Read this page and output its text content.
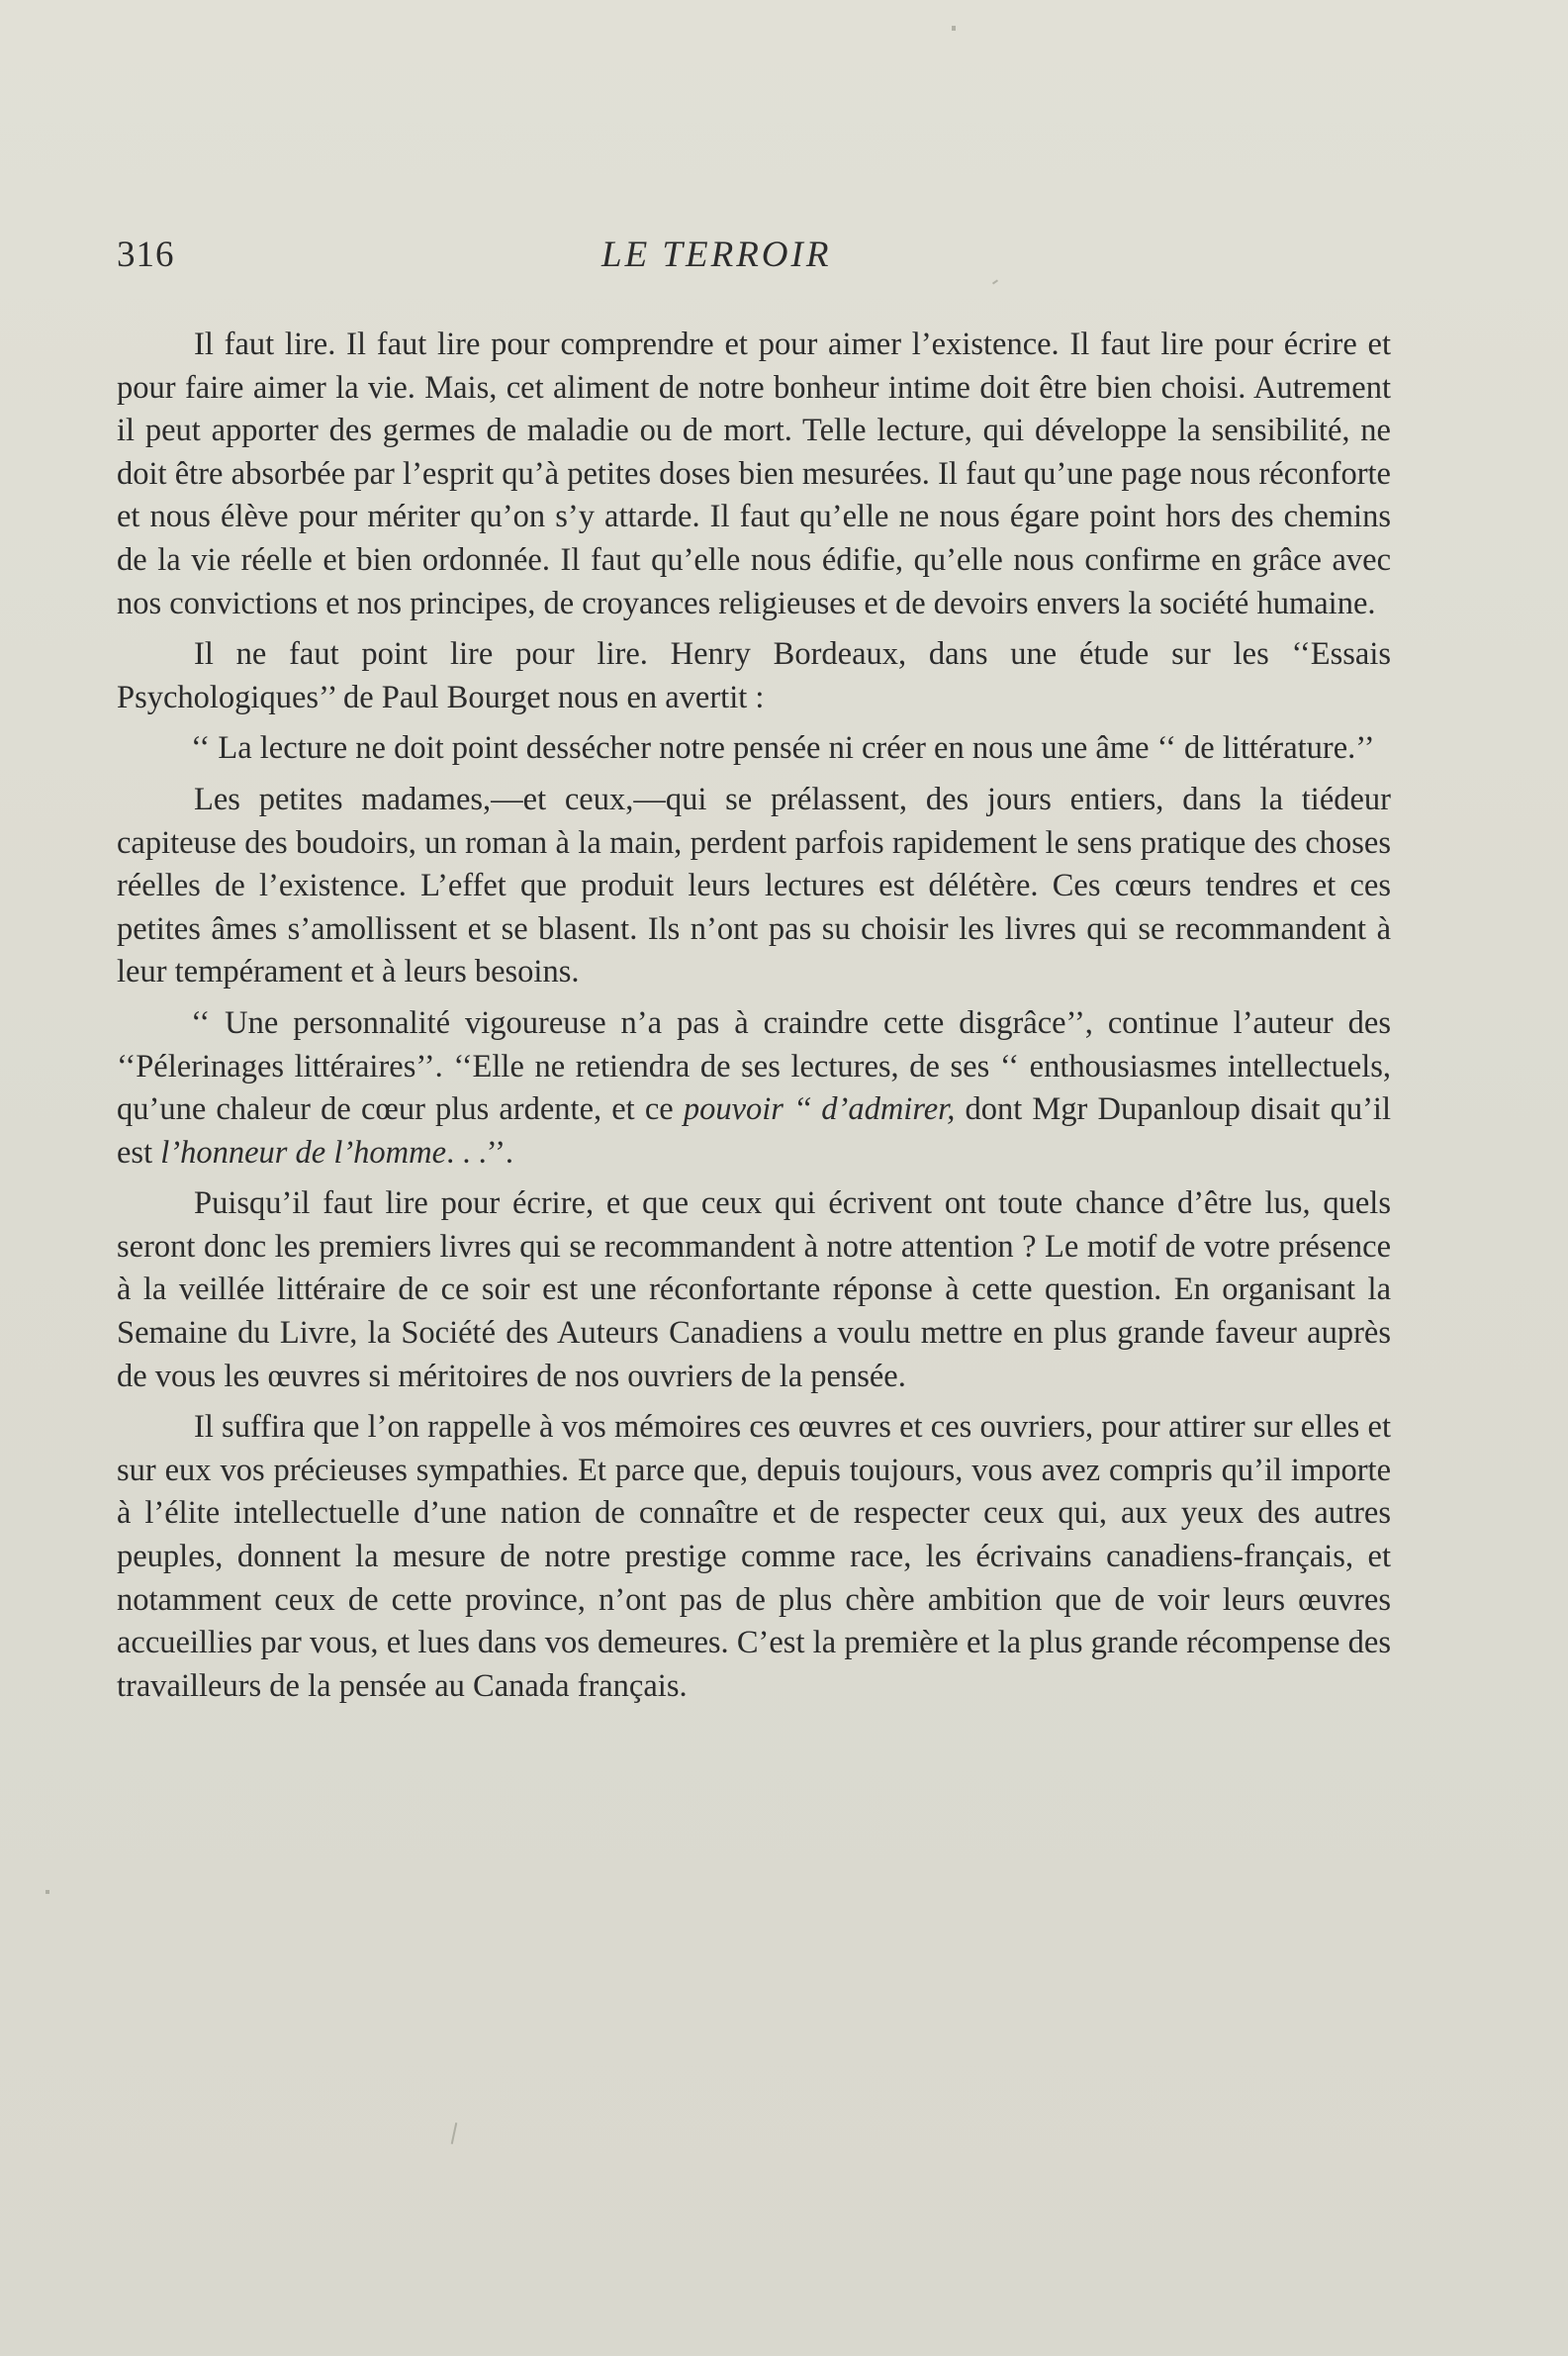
316	LE TERROIR

Il faut lire. Il faut lire pour comprendre et pour aimer l’existence. Il faut lire pour écrire et pour faire aimer la vie. Mais, cet aliment de notre bonheur intime doit être bien choisi. Autrement il peut apporter des germes de maladie ou de mort. Telle lecture, qui développe la sensibilité, ne doit être absorbée par l’esprit qu’à petites doses bien mesurées. Il faut qu’une page nous réconforte et nous élève pour mériter qu’on s’y attarde. Il faut qu’elle ne nous égare point hors des chemins de la vie réelle et bien ordonnée. Il faut qu’elle nous édifie, qu’elle nous confirme en grâce avec nos convictions et nos principes, de croyances religieuses et de devoirs envers la société humaine.

Il ne faut point lire pour lire. Henry Bordeaux, dans une étude sur les ‘‘Essais Psychologiques’’ de Paul Bourget nous en avertit :

‘‘ La lecture ne doit point dessécher notre pensée ni créer en nous une âme ‘‘ de littérature.’’

Les petites madames,—et ceux,—qui se prélassent, des jours entiers, dans la tiédeur capiteuse des boudoirs, un roman à la main, perdent parfois rapidement le sens pratique des choses réelles de l’existence. L’effet que produit leurs lectures est délétère. Ces cœurs tendres et ces petites âmes s’amollissent et se blasent. Ils n’ont pas su choisir les livres qui se recommandent à leur tempérament et à leurs besoins.

‘‘ Une personnalité vigoureuse n’a pas à craindre cette disgrâce’’, continue l’auteur des ‘‘Pélerinages littéraires’’. ‘‘Elle ne retiendra de ses lectures, de ses ‘‘ enthousiasmes intellectuels, qu’une chaleur de cœur plus ardente, et ce pouvoir ‘‘ d’admirer, dont Mgr Dupanloup disait qu’il est l’honneur de l’homme. . .’’.

Puisqu’il faut lire pour écrire, et que ceux qui écrivent ont toute chance d’être lus, quels seront donc les premiers livres qui se recommandent à notre attention ? Le motif de votre présence à la veillée littéraire de ce soir est une réconfortante réponse à cette question. En organisant la Semaine du Livre, la Société des Auteurs Canadiens a voulu mettre en plus grande faveur auprès de vous les œuvres si méritoires de nos ouvriers de la pensée.

Il suffira que l’on rappelle à vos mémoires ces œuvres et ces ouvriers, pour attirer sur elles et sur eux vos précieuses sympathies. Et parce que, depuis toujours, vous avez compris qu’il importe à l’élite intellectuelle d’une nation de connaître et de respecter ceux qui, aux yeux des autres peuples, donnent la mesure de notre prestige comme race, les écrivains canadiens-français, et notamment ceux de cette province, n’ont pas de plus chère ambition que de voir leurs œuvres accueillies par vous, et lues dans vos demeures. C’est la première et la plus grande récompense des travailleurs de la pensée au Canada français.
